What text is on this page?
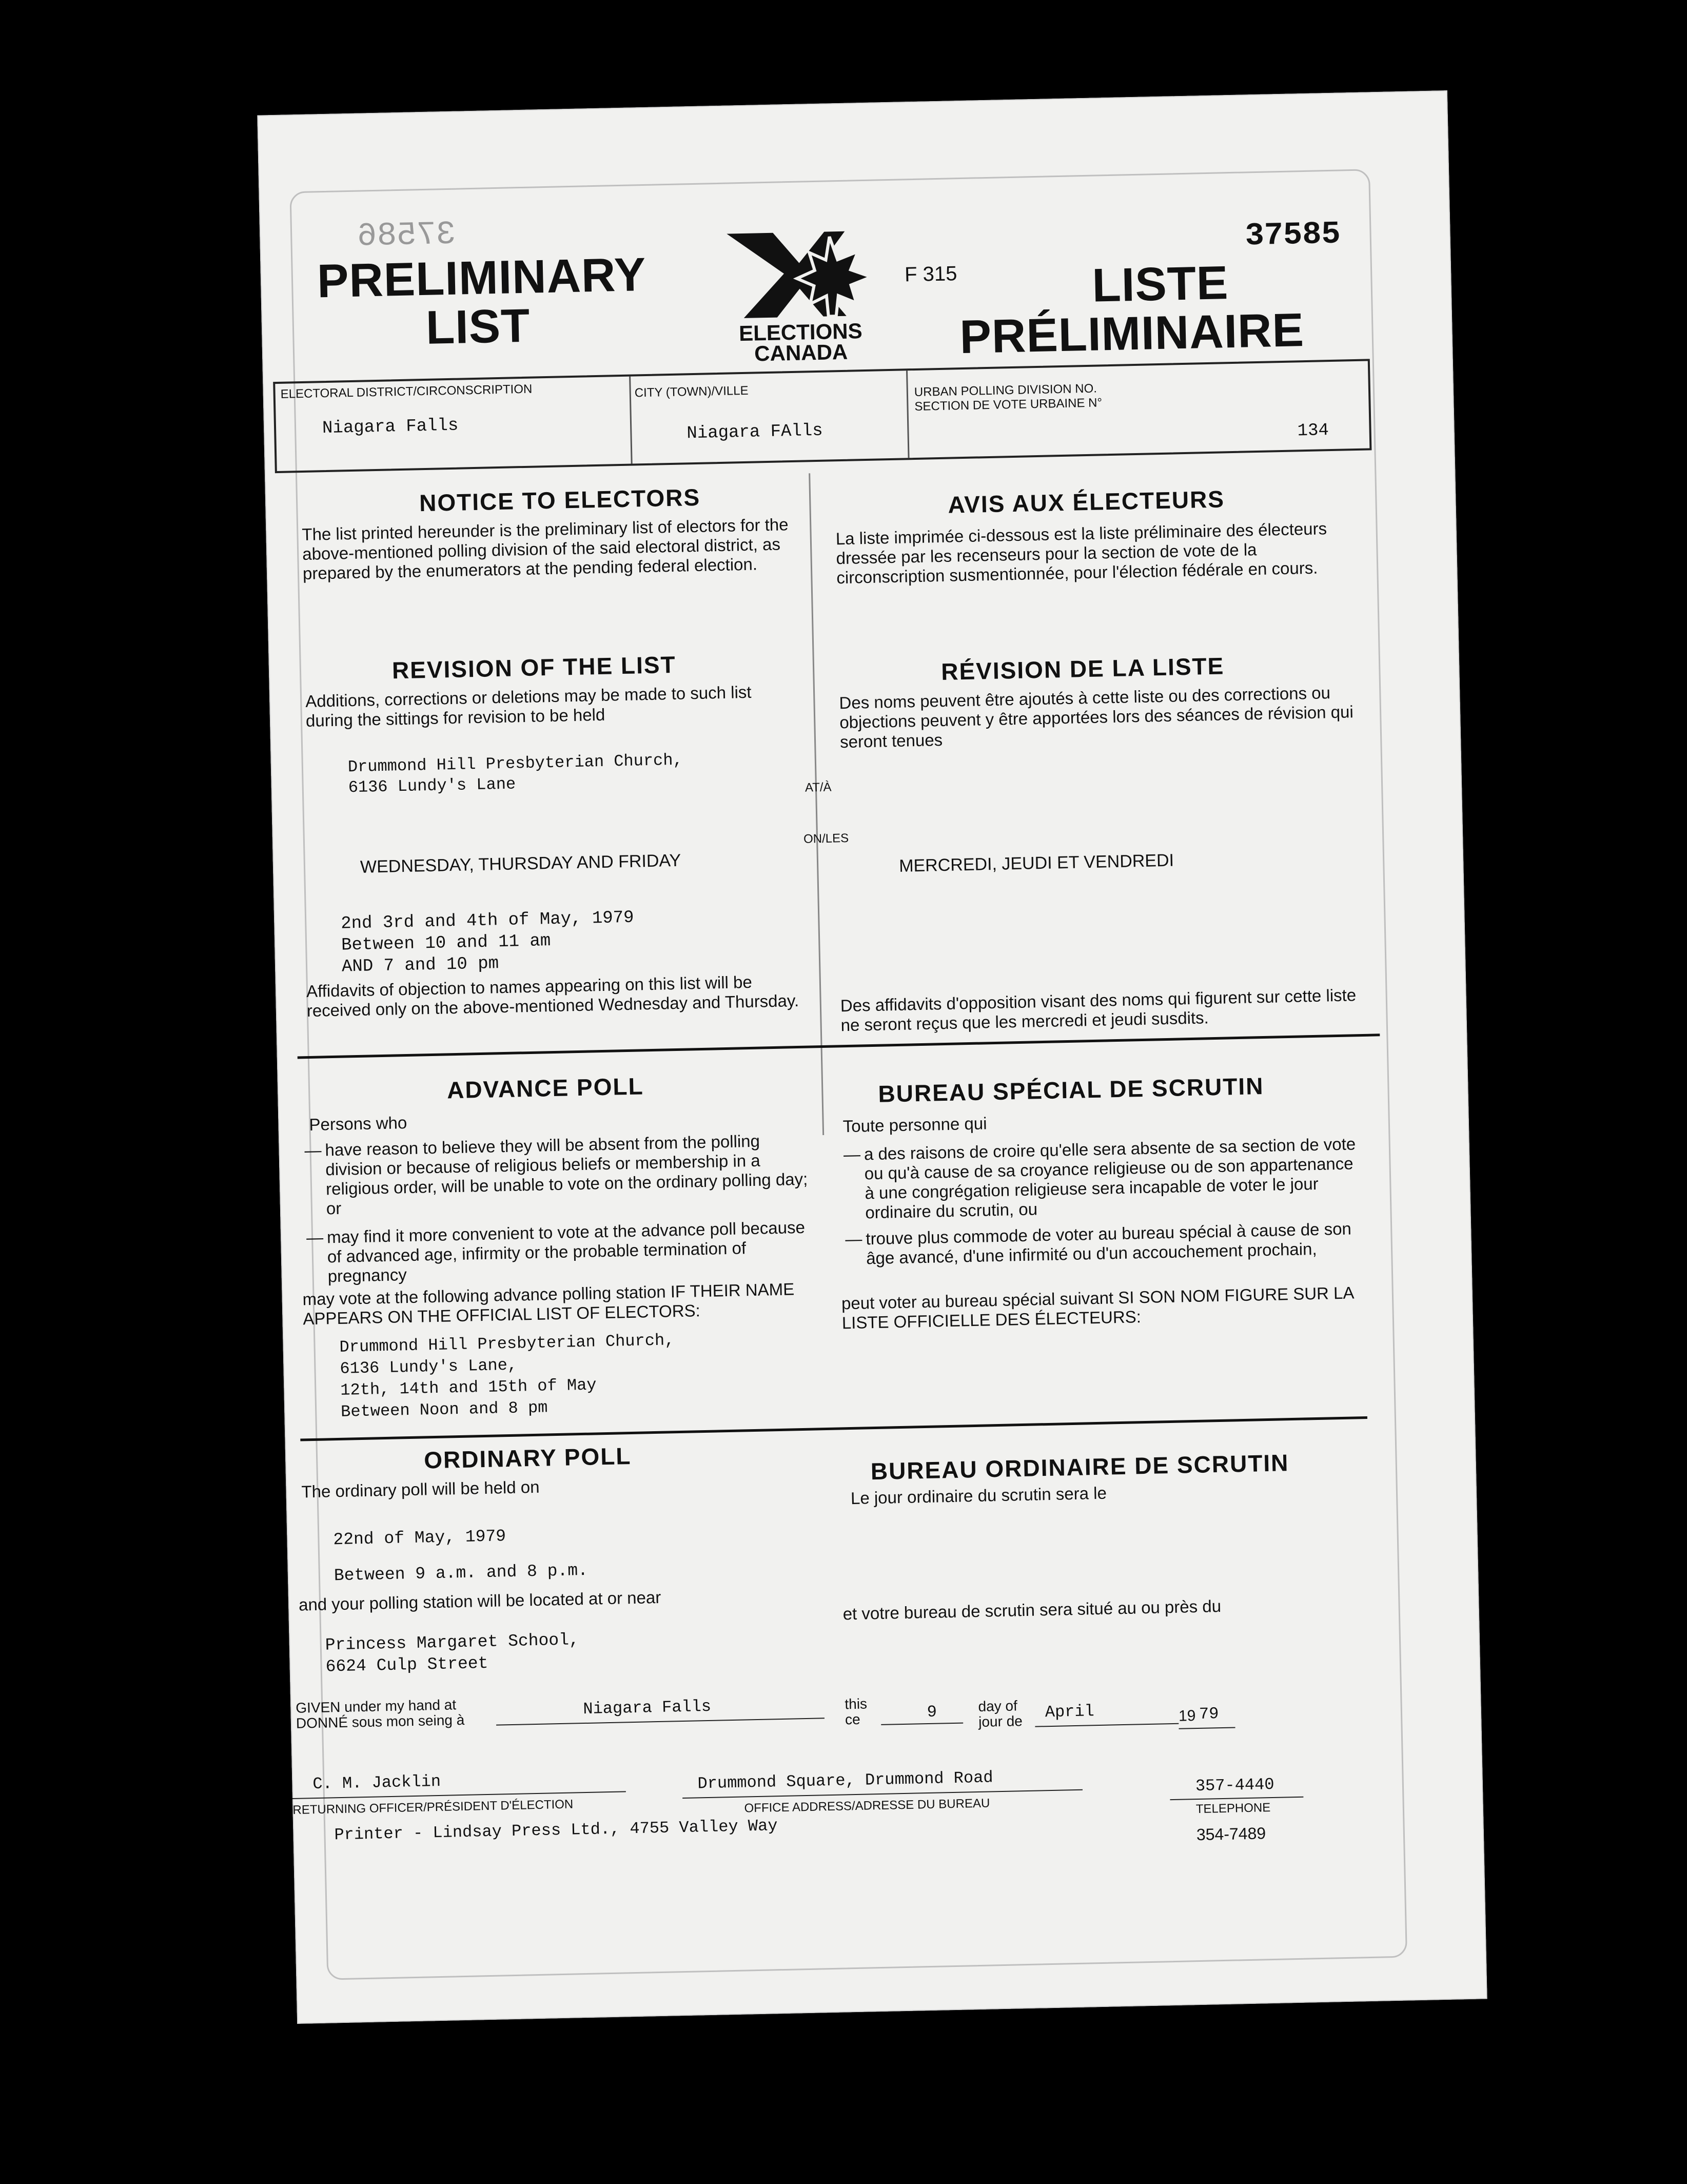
37586	37585
PRELIMINARY
LIST	ELECTIONS
CANADA
F 315	LISTE
PRÉLIMINAIRE
ELECTORAL DISTRICT/CIRCONSCRIPTION
Niagara Falls
CITY (TOWN)/VILLE
Niagara FAlls
URBAN POLLING DIVISION NO.
SECTION DE VOTE URBAINE N°
134
NOTICE TO ELECTORS
The list printed hereunder is the preliminary list of electors for the above-mentioned polling division of the said electoral district, as prepared by the enumerators at the pending federal election.
AVIS AUX ÉLECTEURS
La liste imprimée ci-dessous est la liste préliminaire des électeurs dressée par les recenseurs pour la section de vote de la circonscription susmentionnée, pour l'élection fédérale en cours.
REVISION OF THE LIST
Additions, corrections or deletions may be made to such list during the sittings for revision to be held
RÉVISION DE LA LISTE
Des noms peuvent être ajoutés à cette liste ou des corrections ou objections peuvent y être apportées lors des séances de révision qui seront tenues
Drummond Hill Presbyterian Church,
6136 Lundy's Lane	AT/À
ON/LES
WEDNESDAY, THURSDAY AND FRIDAY	MERCREDI, JEUDI ET VENDREDI
2nd 3rd and 4th of May, 1979
Between 10 and 11 am
AND 7 and 10 pm
Affidavits of objection to names appearing on this list will be received only on the above-mentioned Wednesday and Thursday.	Des affidavits d'opposition visant des noms qui figurent sur cette liste ne seront reçus que les mercredi et jeudi susdits.
ADVANCE POLL
Persons who
— have reason to believe they will be absent from the polling division or because of religious beliefs or membership in a religious order, will be unable to vote on the ordinary polling day; or
— may find it more convenient to vote at the advance poll because of advanced age, infirmity or the probable termination of pregnancy
may vote at the following advance polling station IF THEIR NAME APPEARS ON THE OFFICIAL LIST OF ELECTORS:
BUREAU SPÉCIAL DE SCRUTIN
Toute personne qui
— a des raisons de croire qu'elle sera absente de sa section de vote ou qu'à cause de sa croyance religieuse ou de son appartenance à une congrégation religieuse sera incapable de voter le jour ordinaire du scrutin, ou
— trouve plus commode de voter au bureau spécial à cause de son âge avancé, d'une infirmité ou d'un accouchement prochain,
peut voter au bureau spécial suivant SI SON NOM FIGURE SUR LA LISTE OFFICIELLE DES ÉLECTEURS:
Drummond Hill Presbyterian Church,
6136 Lundy's Lane,
12th, 14th and 15th of May
Between Noon and 8 pm
ORDINARY POLL
The ordinary poll will be held on
BUREAU ORDINAIRE DE SCRUTIN
Le jour ordinaire du scrutin sera le
22nd of May, 1979
Between 9 a.m. and 8 p.m.
and your polling station will be located at or near	et votre bureau de scrutin sera situé au ou près du
Princess Margaret School,
6624 Culp Street
GIVEN under my hand at
DONNÉ sous mon seing à
Niagara Falls	this
ce	9	day of
jour de April	19 79
C. M. Jacklin
RETURNING OFFICER/PRÉSIDENT D'ÉLECTION
Drummond Square, Drummond Road
OFFICE ADDRESS/ADRESSE DU BUREAU
357-4440
TELEPHONE
354-7489
Printer - Lindsay Press Ltd., 4755 Valley Way
